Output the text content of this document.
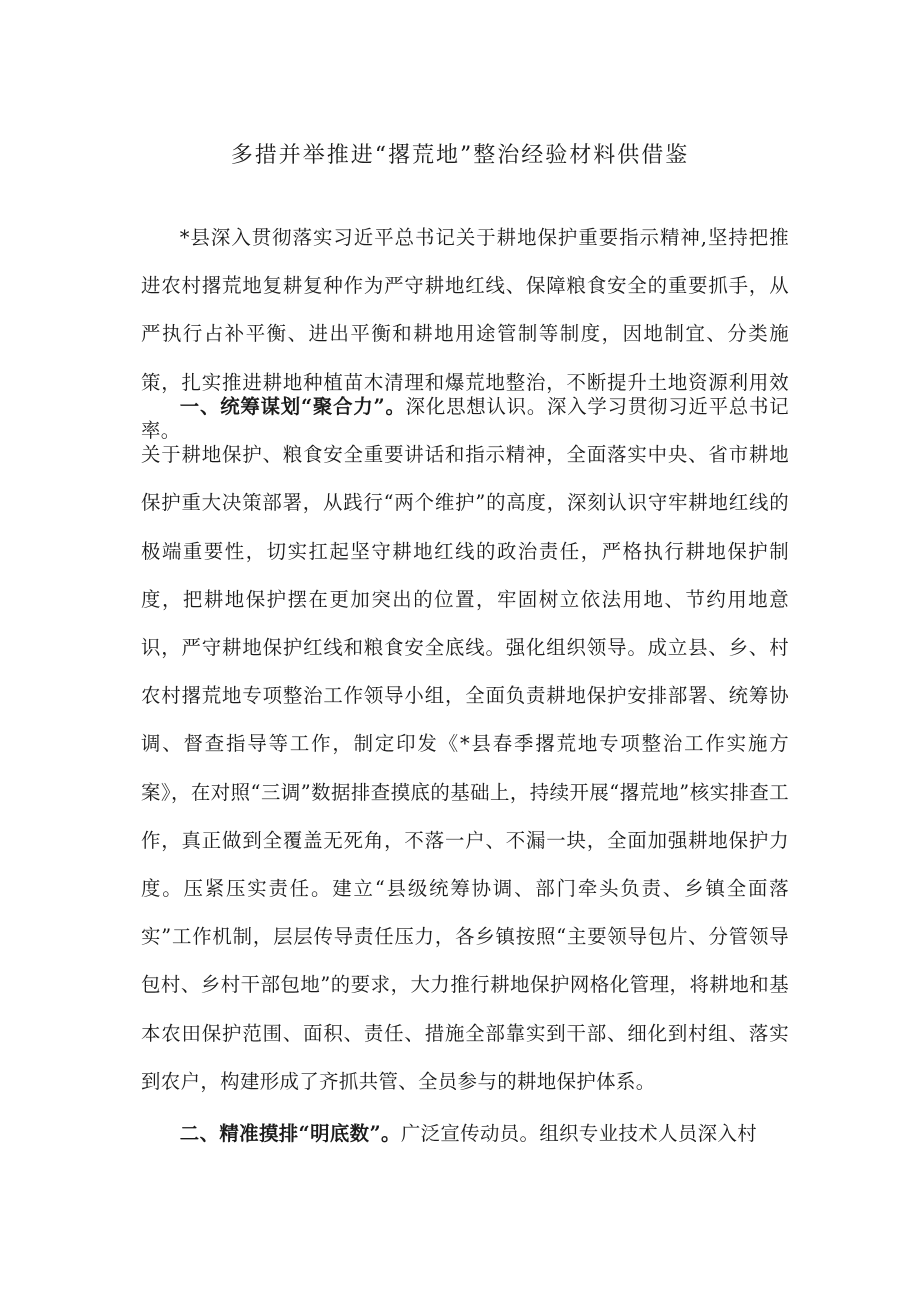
多措并举推进“撂荒地”整治经验材料供借鉴

*县深入贯彻落实习近平总书记关于耕地保护重要指示精神,坚持把推进农村撂荒地复耕复种作为严守耕地红线、保障粮食安全的重要抓手，从严执行占补平衡、进出平衡和耕地用途管制等制度，因地制宜、分类施策，扎实推进耕地种植苗木清理和爆荒地整治，不断提升土地资源利用效率。

一、统筹谋划“聚合力”。深化思想认识。深入学习贯彻习近平总书记关于耕地保护、粮食安全重要讲话和指示精神，全面落实中央、省市耕地保护重大决策部署，从践行“两个维护”的高度，深刻认识守牢耕地红线的极端重要性，切实扛起坚守耕地红线的政治责任，严格执行耕地保护制度，把耕地保护摆在更加突出的位置，牢固树立依法用地、节约用地意识，严守耕地保护红线和粮食安全底线。强化组织领导。成立县、乡、村农村撂荒地专项整治工作领导小组，全面负责耕地保护安排部署、统筹协调、督查指导等工作，制定印发《*县春季撂荒地专项整治工作实施方案》，在对照“三调”数据排查摸底的基础上，持续开展“撂荒地”核实排查工作，真正做到全覆盖无死角，不落一户、不漏一块，全面加强耕地保护力度。压紧压实责任。建立“县级统筹协调、部门牵头负责、乡镇全面落实”工作机制，层层传导责任压力，各乡镇按照“主要领导包片、分管领导包村、乡村干部包地”的要求，大力推行耕地保护网格化管理，将耕地和基本农田保护范围、面积、责任、措施全部靠实到干部、细化到村组、落实到农户，构建形成了齐抓共管、全员参与的耕地保护体系。

二、精准摸排“明底数”。广泛宣传动员。组织专业技术人员深入村
